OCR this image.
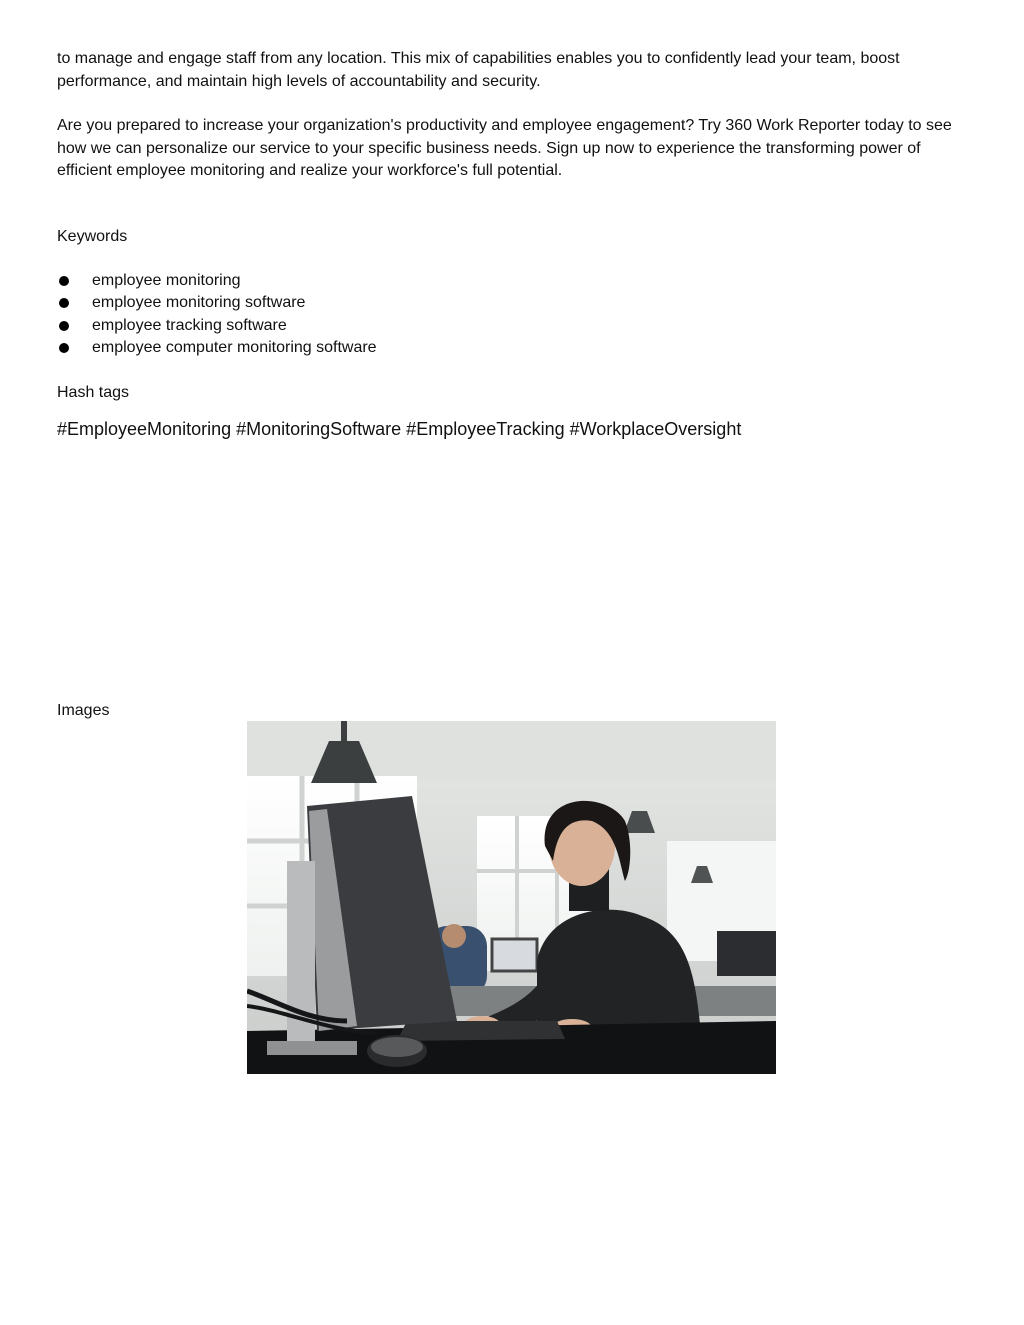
to manage and engage staff from any location. This mix of capabilities enables you to confidently lead your team, boost performance, and maintain high levels of accountability and security.

Are you prepared to increase your organization's productivity and employee engagement? Try 360 Work Reporter today to see how we can personalize our service to your specific business needs. Sign up now to experience the transforming power of efficient employee monitoring and realize your workforce's full potential.

Keywords
employee monitoring
employee monitoring software
employee tracking software
employee computer monitoring software
Hash tags
#EmployeeMonitoring #MonitoringSoftware #EmployeeTracking #WorkplaceOversight
Images
